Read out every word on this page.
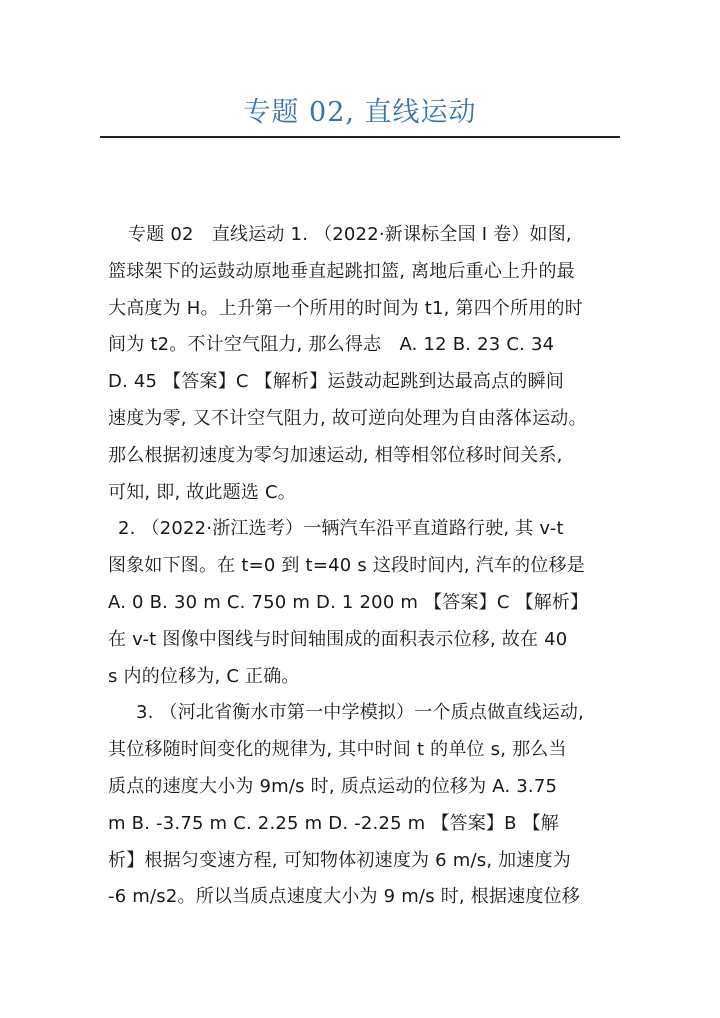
专题 02, 直线运动
专题 02　直线运动 1. （2022·新课标全国 I 卷）如图,
篮球架下的运鼓动原地垂直起跳扣篮, 离地后重心上升的最
大高度为 H。上升第一个所用的时间为 t1, 第四个所用的时
间为 t2。不计空气阻力, 那么得志　A. 12 B. 23 C. 34
D. 45 【答案】C 【解析】运鼓动起跳到达最高点的瞬间
速度为零, 又不计空气阻力, 故可逆向处理为自由落体运动。
那么根据初速度为零匀加速运动, 相等相邻位移时间关系,
可知, 即, 故此题选 C。
2. （2022·浙江选考）一辆汽车沿平直道路行驶, 其 v-t
图象如下图。在 t=0 到 t=40 s 这段时间内, 汽车的位移是
A. 0 B. 30 m C. 750 m D. 1 200 m 【答案】C 【解析】
在 v-t 图像中图线与时间轴围成的面积表示位移, 故在 40
s 内的位移为, C 正确。
3. （河北省衡水市第一中学模拟）一个质点做直线运动,
其位移随时间变化的规律为, 其中时间 t 的单位 s, 那么当
质点的速度大小为 9m/s 时, 质点运动的位移为 A. 3.75
m B. -3.75 m C. 2.25 m D. -2.25 m 【答案】B 【解
析】根据匀变速方程, 可知物体初速度为 6 m/s, 加速度为
-6 m/s2。所以当质点速度大小为 9 m/s 时, 根据速度位移
